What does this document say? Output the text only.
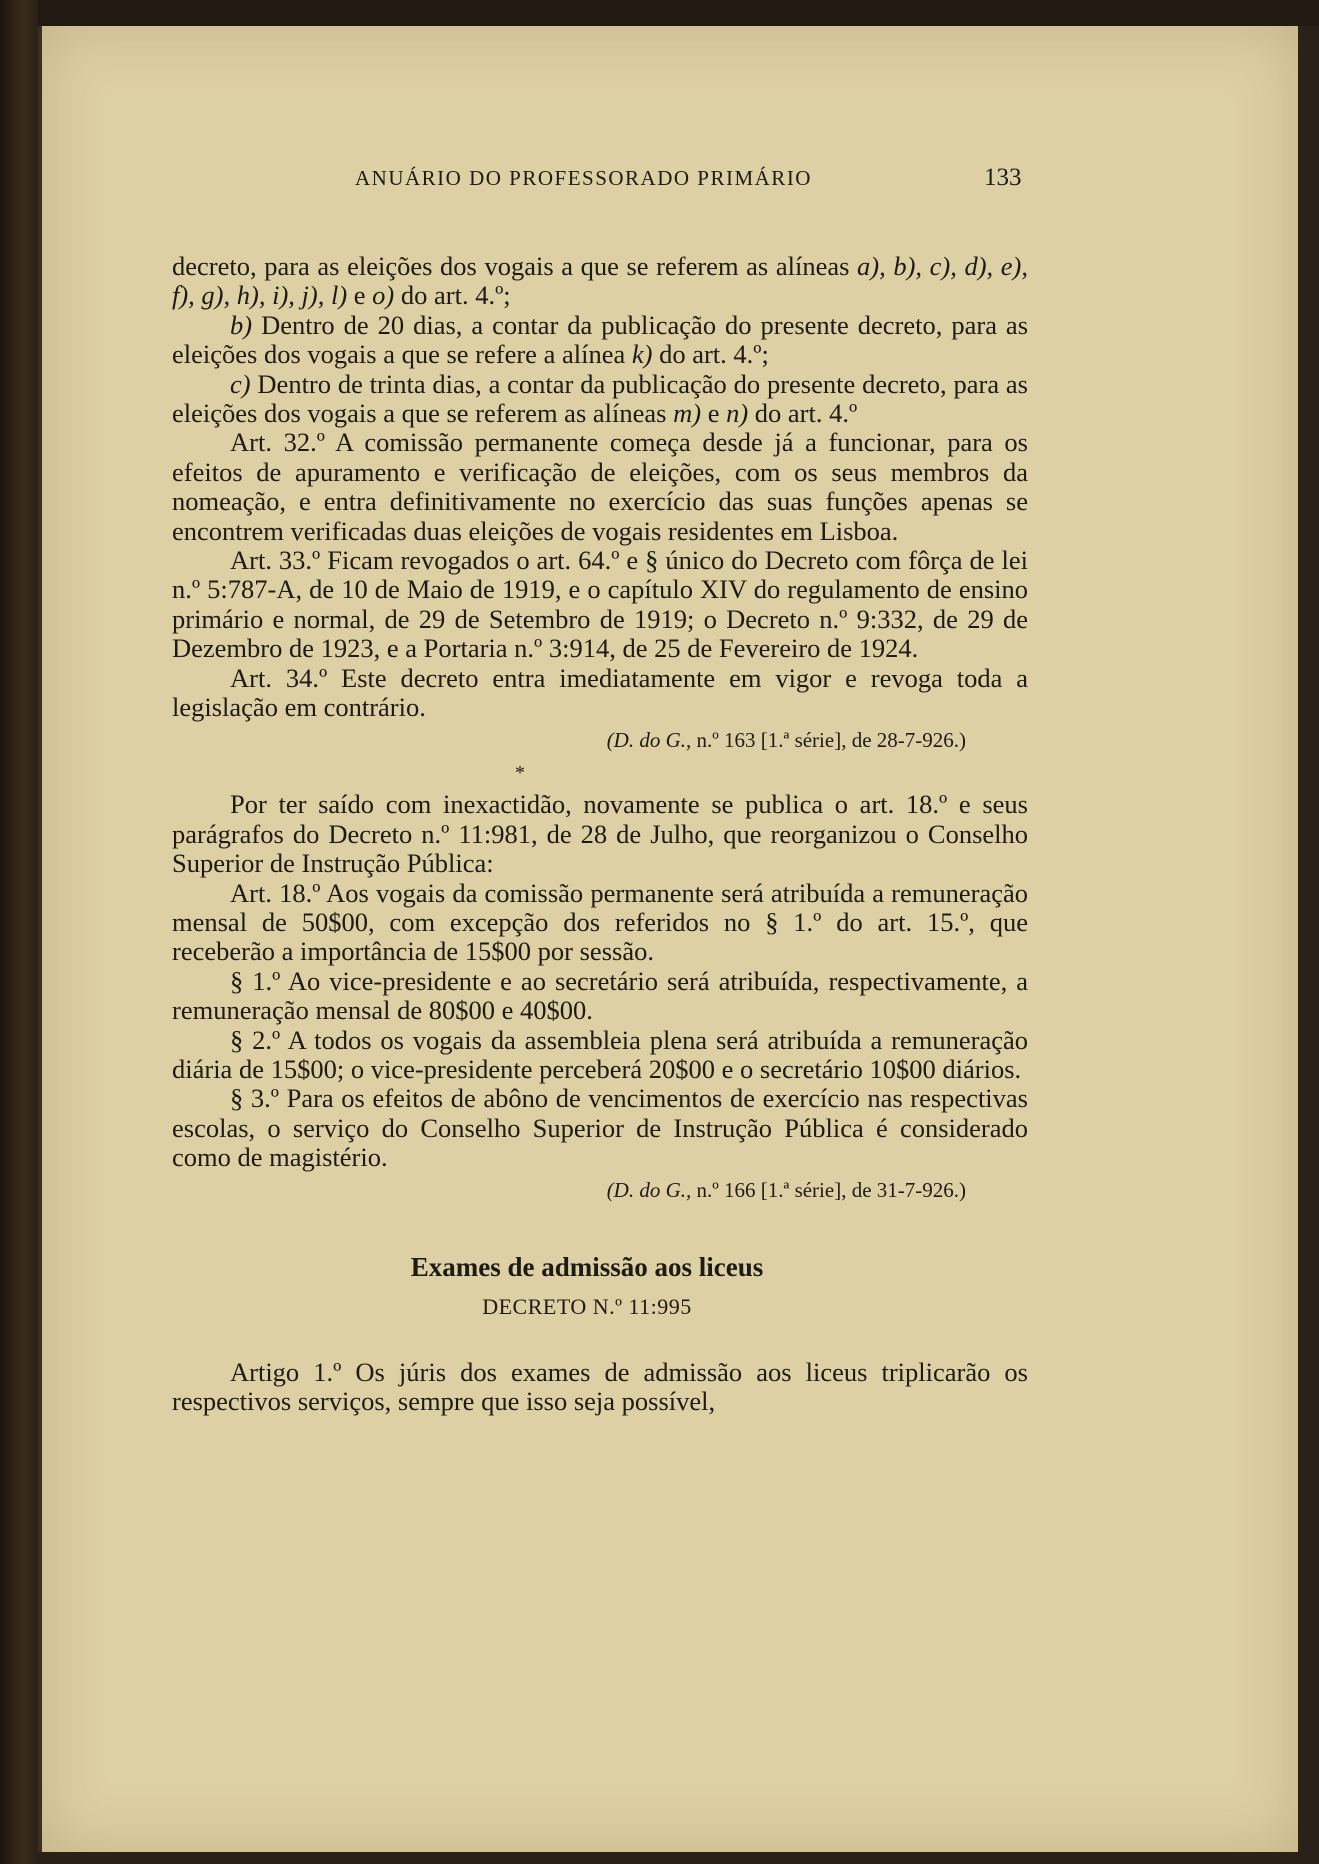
ANUÁRIO DO PROFESSORADO PRIMÁRIO	133

decreto, para as eleições dos vogais a que se referem as alíneas a), b), c), d), e), f), g), h), i), j), l) e o) do art. 4.º;

b) Dentro de 20 dias, a contar da publicação do presente decreto, para as eleições dos vogais a que se refere a alínea k) do art. 4.º;

c) Dentro de trinta dias, a contar da publicação do presente decreto, para as eleições dos vogais a que se referem as alíneas m) e n) do art. 4.º

Art. 32.º A comissão permanente começa desde já a funcionar, para os efeitos de apuramento e verificação de eleições, com os seus membros da nomeação, e entra definitivamente no exercício das suas funções apenas se encontrem verificadas duas eleições de vogais residentes em Lisboa.

Art. 33.º Ficam revogados o art. 64.º e § único do Decreto com fôrça de lei n.º 5:787-A, de 10 de Maio de 1919, e o capítulo XIV do regulamento de ensino primário e normal, de 29 de Setembro de 1919; o Decreto n.º 9:332, de 29 de Dezembro de 1923, e a Portaria n.º 3:914, de 25 de Fevereiro de 1924.

Art. 34.º Este decreto entra imediatamente em vigor e revoga toda a legislação em contrário.

(D. do G., n.º 163 [1.ª série], de 28-7-926.)
*

Por ter saído com inexactidão, novamente se publica o art. 18.º e seus parágrafos do Decreto n.º 11:981, de 28 de Julho, que reorganizou o Conselho Superior de Instrução Pública:

Art. 18.º Aos vogais da comissão permanente será atribuída a remuneração mensal de 50$00, com excepção dos referidos no § 1.º do art. 15.º, que receberão a importância de 15$00 por sessão.

§ 1.º Ao vice-presidente e ao secretário será atribuída, respectivamente, a remuneração mensal de 80$00 e 40$00.

§ 2.º A todos os vogais da assembleia plena será atribuída a remuneração diária de 15$00; o vice-presidente perceberá 20$00 e o secretário 10$00 diários.

§ 3.º Para os efeitos de abôno de vencimentos de exercício nas respectivas escolas, o serviço do Conselho Superior de Instrução Pública é considerado como de magistério.

(D. do G., n.º 166 [1.ª série], de 31-7-926.)
Exames de admissão aos liceus
DECRETO N.º 11:995

Artigo 1.º Os júris dos exames de admissão aos liceus triplicarão os respectivos serviços, sempre que isso seja possível,
